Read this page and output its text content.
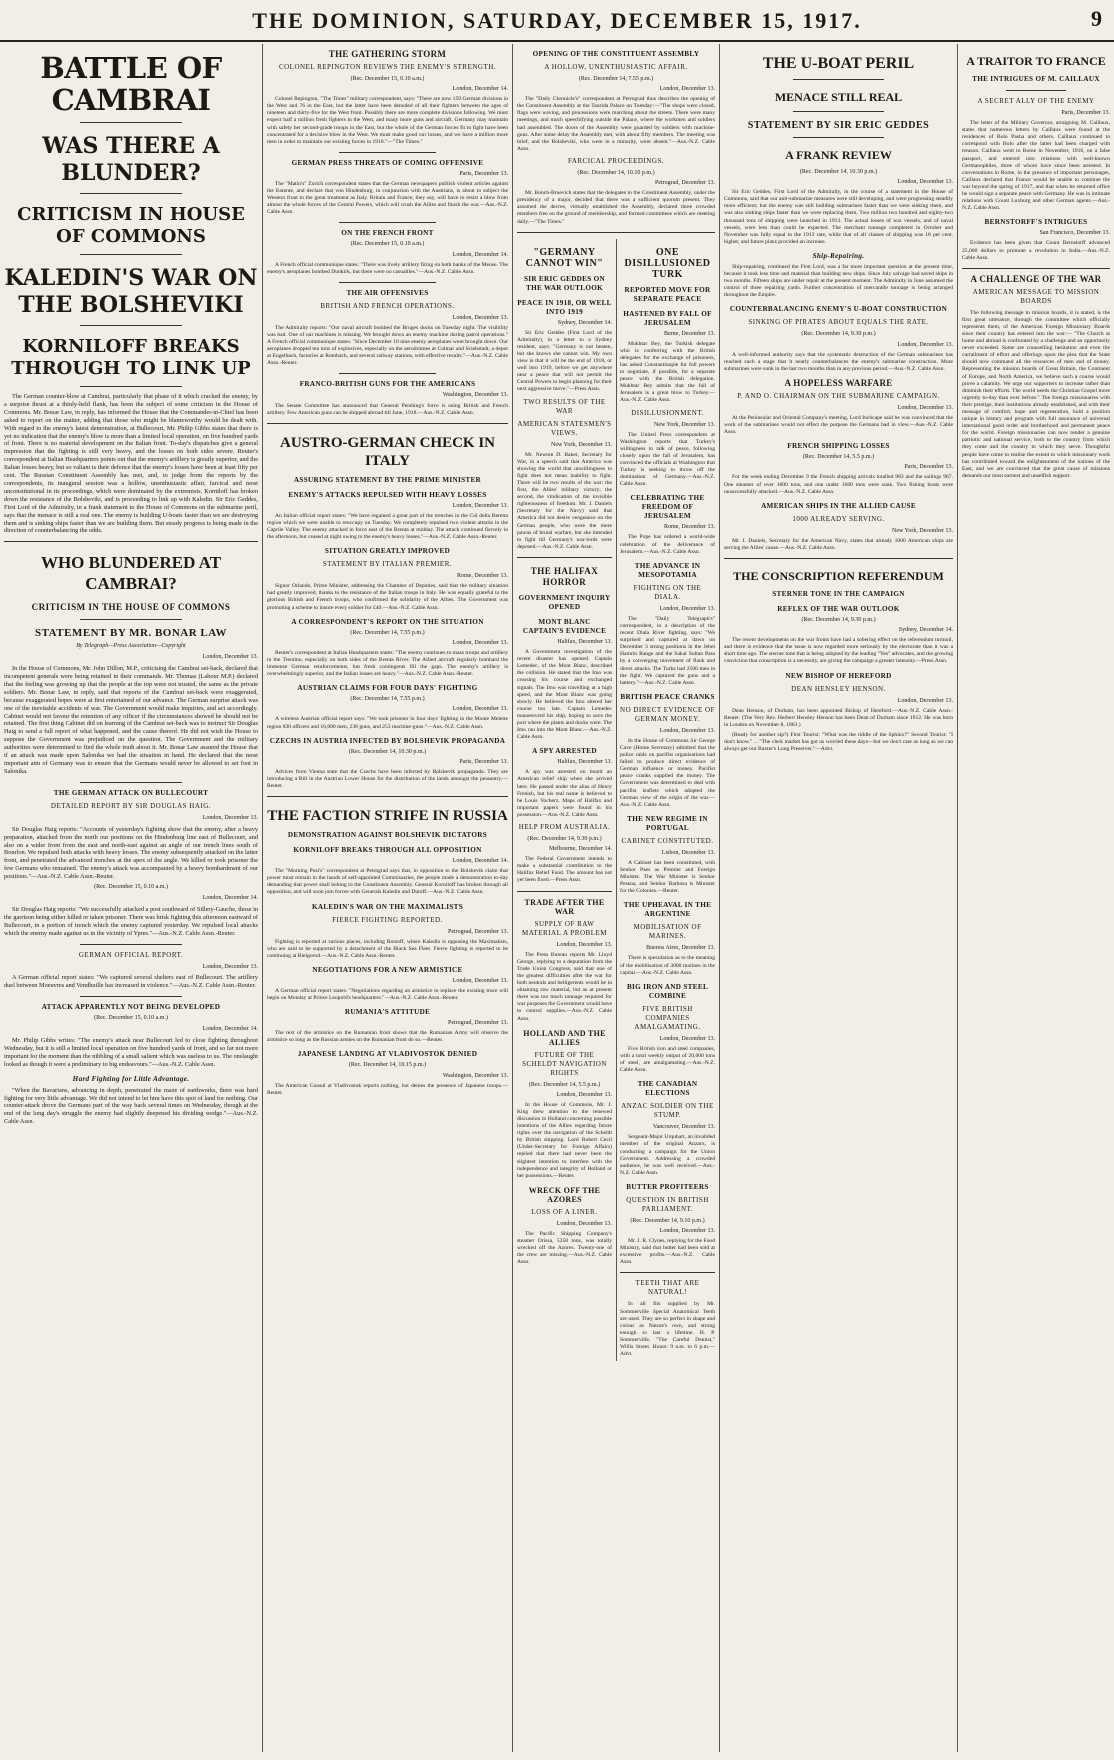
THE DOMINION, SATURDAY, DECEMBER 15, 1917.	9
BATTLE OF CAMBRAI
WAS THERE A BLUNDER?
CRITICISM IN HOUSE OF COMMONS
KALEDIN'S WAR ON THE BOLSHEVIKI
KORNILOFF BREAKS THROUGH TO LINK UP

The German counter-blow at Cambrai, particularly that phase of it which cracked the enemy, by a surprise thrust at a thinly-held flank, has been the subject of some criticism in the House of Commons. Mr. Bonar Law, in reply, has informed the House that the Commander-in-Chief has been asked to report on the matter, adding that those who might be blameworthy would be dealt with. With regard to the enemy's latest demonstration, at Bullecourt, Mr. Philip Gibbs states that there is yet no indication that the enemy's blow is more than a limited local operation, on five hundred yards of front. There is no material development on the Italian front. To-day's dispatches give a general impression that the fighting is still very heavy, and the losses on both sides severe. Reuter's correspondent at Italian Headquarters points out that the enemy's artillery is greatly superior, and the Italian losses heavy, but so valiant is their defence that the enemy's losses have been at least fifty per cent. The Russian Constituent Assembly has met, and, to judge from the reports by the correspondents, its inaugural session was a hollow, unenthusiastic affair, farcical and most unconstitutional in its proceedings, which were dominated by the extremists. Korniloff has broken down the resistance of the Bolsheviki, and is proceeding to link up with Kaledin. Sir Eric Geddes, First Lord of the Admiralty, in a frank statement to the House of Commons on the submarine peril, says that the menace is still a real one. The enemy is building U-boats faster than we are destroying them and is sinking ships faster than we are building them. But steady progress is being made in the direction of counterbalancing the odds.

WHO BLUNDERED AT CAMBRAI?
CRITICISM IN THE HOUSE OF COMMONS
STATEMENT BY MR. BONAR LAW
By Telegraph—Press Association—Copyright
London, December 13.

In the House of Commons, Mr. John Dillon, M.P., criticising the Cambrai set-back, declared that incompetent generals were being retained in their commands. Mr. Thomas (Labour M.P.) declared that the feeling was growing up that the people at the top were not trusted, the same as the private soldiers. Mr. Bonar Law, in reply, said that reports of the Cambrai set-back were exaggerated, because exaggerated hopes were at first entertained of our advance. The German surprise attack was one of the inevitable accidents of war. The Government would make inquiries, and act accordingly. Cabinet would not favour the retention of any officer if the circumstances showed he should not be retained. The first thing Cabinet did on learning of the Cambrai set-back was to instruct Sir Douglas Haig to send a full report of what happened, and the cause thereof. He did not wish the House to suppose the Government was prejudiced on the question. The Government and the military authorities were determined to find the whole truth about it. Mr. Bonar Law assured the House that if an attack was made upon Salonika we had the situation in hand. He declared that the most important aim of Germany was to ensure that the Germans would never be allowed to set foot in Salonika.

THE GERMAN ATTACK ON BULLECOURT
DETAILED REPORT BY SIR DOUGLAS HAIG.
London, December 13.

Sir Douglas Haig reports: "Accounts of yesterday's fighting show that the enemy, after a heavy preparation, attacked from the north our positions on the Hindenburg line east of Bullecourt, and also on a wider front from the east and north-east against an angle of our trench lines south of Bourlon. We repulsed both attacks with heavy losses. The enemy subsequently attacked on the latter front, and penetrated the advanced trenches at the apex of the angle. We killed or took prisoner the few Germans who remained. The enemy's attack was accompanied by a heavy bombardment of our positions."—Aus.-N.Z. Cable Assn.-Reuter.

(Rec. December 15, 0.10 a.m.)
London, December 14.

Sir Douglas Haig reports: "We successfully attacked a post southward of Sillery-Gauche, those in the garrison being either killed or taken prisoner. There was brisk fighting this afternoon eastward of Bullecourt, in a portion of trench which the enemy captured yesterday. We repulsed local attacks which the enemy made against us in the vicinity of Ypres."—Aus.-N.Z. Cable Assn.-Reuter.

GERMAN OFFICIAL REPORT.
London, December 13.

A German official report states: "We captured several shelters east of Bullecourt. The artillery duel between Moeuvres and Vendhuille has increased in violence."—Aus.-N.Z. Cable Assn.-Reuter.

ATTACK APPARENTLY NOT BEING DEVELOPED
(Rec. December 15, 0.10 a.m.)
London, December 14.

Mr. Philip Gibbs writes: "The enemy's attack near Bullecourt led to close fighting throughout Wednesday, but it is still a limited local operation on five hundred yards of front, and so far not more important for the moment than the nibbling of a small salient which was useless to us. The onslaught looked as though it were a preliminary to big endeavours."—Aus.-N.Z. Cable Assn.

Hard Fighting for Little Advantage.

"When the Bavarians, advancing in depth, penetrated the maze of earthworks, there was hard fighting for very little advantage. We did not intend to let him have this spot of land for nothing. Our counter-attack drove the Germans part of the way back several times on Wednesday, though at the end of the long day's struggle the enemy had slightly deepened his dividing wedge."—Aus.-N.Z. Cable Assn.

THE GATHERING STORM
COLONEL REPINGTON REVIEWS THE ENEMY'S STRENGTH.
(Rec. December 15, 0.10 a.m.)
London, December 14.

Colonel Repington, "The Times" military correspondent, says: "There are now 159 German divisions in the West and 76 in the East, but the latter have been denuded of all their fighters between the ages of nineteen and thirty-five for the West front. Possibly there are more complete divisions following. We must expect half a million fresh fighters in the West, and many more guns and aircraft. Germany may maintain with safety her second-grade troops in the East, but the whole of the German forces fit to fight have been concentrated for a decisive blow in the West. We must make good our losses, and we have a million more men in order to maintain our existing forces in 1918."—"The Times."

GERMAN PRESS THREATS OF COMING OFFENSIVE
Paris, December 13.

The "Matin's" Zurich correspondent states that the German newspapers publish violent articles against the Entente, and declare that von Hindenburg, in conjunction with the Austrians, is about to subject the Western front to the great treatment as Italy. Britain and France, they say, will have to resist a blow from almost the whole forces of the Central Powers, which will crush the Allies and finish the war.—Aus.-N.Z. Cable Assn.

ON THE FRENCH FRONT
(Rec. December 15, 0.10 a.m.)
London, December 14.

A French official communique states: "There was lively artillery firing on both banks of the Meuse. The enemy's aeroplanes bombed Dunkirk, but there were no casualties."—Aus.-N.Z. Cable Assn.

THE AIR OFFENSIVES
BRITISH AND FRENCH OPERATIONS.
London, December 13.

The Admiralty reports: "Our naval aircraft bombed the Bruges docks on Tuesday night. The visibility was bad. One of our machines is missing. We brought down an enemy machine during patrol operations." A French official communique states: "Since December 10 nine enemy aeroplanes were brought down. Our aeroplanes dropped ten tons of explosives, especially on the aerodromes at Colmar and Sciebstadt, a depot at Eugelbach, factories at Rombach, and several railway stations, with effective results."—Aus.-N.Z. Cable Assn.-Reuter.

FRANCO-BRITISH GUNS FOR THE AMERICANS
Washington, December 13.

The Senate Committee has announced that General Pershing's force is using British and French artillery. Few American guns can be shipped abroad till June, 1918.—Aus.-N.Z. Cable Assn.

AUSTRO-GERMAN CHECK IN ITALY
ASSURING STATEMENT BY THE PRIME MINISTER
ENEMY'S ATTACKS REPULSED WITH HEAVY LOSSES
London, December 13.

An Italian official report states: "We have regained a great part of the trenches in the Col della Beretta region which we were unable to reoccupy on Tuesday. We completely repulsed two violent attacks in the Caprile Valley. The enemy attacked in force east of the Brenta at midday. The attack continued fiercely in the afternoon, but ceased at night owing to the enemy's heavy losses."—Aus.-N.Z. Cable Assn.-Reuter.

SITUATION GREATLY IMPROVED
STATEMENT BY ITALIAN PREMIER.
Rome, December 13.

Signor Orlando, Prime Minister, addressing the Chamber of Deputies, said that the military situation had greatly improved, thanks to the resistance of the Italian troops in Italy. He was equally grateful to the glorious British and French troops, who confirmed the solidarity of the Allies. The Government was promoting a scheme to insure every soldier for £40.—Aus.-N.Z. Cable Assn.

A CORRESPONDENT'S REPORT ON THE SITUATION
(Rec. December 14, 7.55 p.m.)
London, December 13.

Reuter's correspondent at Italian Headquarters states: "The enemy continues to mass troops and artillery in the Trentino, especially on both sides of the Brenta River. The Allied aircraft regularly bombard the immense German reinforcements, but fresh contingents fill the gaps. The enemy's artillery is overwhelmingly superior, and the Italian losses are heavy."—Aus.-N.Z. Cable Assn.-Reuter.

AUSTRIAN CLAIMS FOR FOUR DAYS' FIGHTING
(Rec. December 14, 7.55 p.m.)
London, December 13.

A wireless Austrian official report says: "We took prisoner in four days' fighting in the Monte Melette region 830 officers and 16,000 men, 238 guns, and 253 machine-guns."—Aus.-N.Z. Cable Assn.

CZECHS IN AUSTRIA INFECTED BY BOLSHEVIK PROPAGANDA
(Rec. December 14, 10.30 p.m.)
Paris, December 13.

Advices from Vienna state that the Czechs have been infected by Bolshevik propaganda. They are introducing a Bill in the Austrian Lower House for the distribution of the lands amongst the peasantry.—Reuter.

THE FACTION STRIFE IN RUSSIA
DEMONSTRATION AGAINST BOLSHEVIK DICTATORS
KORNILOFF BREAKS THROUGH ALL OPPOSITION
London, December 14.

The "Morning Post's" correspondent at Petrograd says that, in opposition to the Bolshevik claim that power must remain in the hands of self-appointed Commissaries, the people made a demonstration to-day demanding that power shall belong to the Constituent Assembly. General Korniloff has broken through all opposition, and will soon join forces with Generals Kaledin and Dutoff.—Aus.-N.Z. Cable Assn.

KALEDIN'S WAR ON THE MAXIMALISTS
FIERCE FIGHTING REPORTED.
Petrograd, December 13.

Fighting is reported at various places, including Rostoff, where Kaledin is opposing the Maximalists, who are said to be supported by a detachment of the Black Sea Fleet. Fierce fighting is reported to be continuing at Bielgorod.—Aus.-N.Z. Cable Assn.-Reuter.

NEGOTIATIONS FOR A NEW ARMISTICE
London, December 13.

A German official report states: "Negotiations regarding an armistice to replace the existing truce will begin on Monday at Prince Leopold's headquarters."—Aus.-N.Z. Cable Assn.-Reuter.

RUMANIA'S ATTITUDE
Petrograd, December 13.

The text of the armistice on the Rumanian front shows that the Rumanian Army will observe the armistice so long as the Russian armies on the Rumanian front do so.—Reuter.

JAPANESE LANDING AT VLADIVOSTOK DENIED
(Rec. December 14, 10.15 p.m.)
Washington, December 13.

The American Consul at Vladivostok reports nothing, but denies the presence of Japanese troops.—Reuter.

OPENING OF THE CONSTITUENT ASSEMBLY
A HOLLOW, UNENTHUSIASTIC AFFAIR.
(Rec. December 14, 7.55 p.m.)
London, December 13.

The "Daily Chronicle's" correspondent at Petrograd thus describes the opening of the Constituent Assembly at the Taurida Palace on Tuesday:—"The shops were closed, flags were waving, and processions were marching about the streets. There were many meetings, and much speechifying outside the Palace, where the workmen and soldiers had assembled. The doors of the Assembly were guarded by soldiers with machine-guns. After some delay the Assembly met, with about fifty members. The meeting was brief, and the Bolsheviki, who were in a minority, were absent."—Aus.-N.Z. Cable Assn.

FARCICAL PROCEEDINGS.
(Rec. December 14, 10.10 p.m.)
Petrograd, December 13.

Mr. Bonch-Bruevich states that the delegates to the Constituent Assembly, under the presidency of a major, decided that there was a sufficient quorum present. They assumed the decree, virtually established the Assembly, declared three crowded members free on the ground of membership, and formed committees which are meeting daily.—"The Times."

"GERMANY CANNOT WIN"
SIR ERIC GEDDES ON THE WAR OUTLOOK
PEACE IN 1918, OR WELL INTO 1919
Sydney, December 14.

Sir Eric Geddes (First Lord of the Admiralty), in a letter to a Sydney resident, says: "Germany is not beaten, but she knows she cannot win. My own view is that it will be the end of 1918, or well into 1919, before we get anywhere near a peace that will not permit the Central Powers to begin planning for their next aggressive move."—Press Assn.

TWO RESULTS OF THE WAR
AMERICAN STATESMEN'S VIEWS.
New York, December 13.

Mr. Newton D. Baker, Secretary for War, in a speech said that America was showing the world that unwillingness to fight does not mean inability to fight. There will be two results of the war: the first, the Allies' military victory; the second, the vindication of the invisible righteousness of freedom. Mr. J. Daniels (Secretary for the Navy) said that America did not desire vengeance on the German people, who were the mere pawns of brutal warfare, but she intended to fight till Germany's war-lords were deposed.—Aus.-N.Z. Cable Assn.

THE HALIFAX HORROR
GOVERNMENT INQUIRY OPENED
MONT BLANC CAPTAIN'S EVIDENCE
Halifax, December 13.

A Government investigation of the recent disaster has opened. Captain Lemedec, of the Mont Blanc, described the collision. He stated that the Imo was crossing his course and exchanged signals. The Imo was travelling at a high speed, and the Mont Blanc was going slowly. He believed the Imo altered her course too late. Captain Lemedec manoeuvred his ship, hoping to save the port where the plants and docks were. The Imo ran into the Mont Blanc.—Aus.-N.Z. Cable Assn.

A SPY ARRESTED
Halifax, December 13.

A spy was arrested on board an American relief ship when she arrived here. He passed under the alias of Henry Frenish, but his real name is believed to be Louis Vocherz. Maps of Halifax and important papers were found in his possession.—Aus.-N.Z. Cable Assn.

HELP FROM AUSTRALIA.
(Rec. December 14, 9.30 p.m.)
Melbourne, December 14.

The Federal Government intends to make a substantial contribution to the Halifax Relief Fund. The amount has not yet been fixed.—Press Assn.

TRADE AFTER THE WAR
SUPPLY OF RAW MATERIAL A PROBLEM
London, December 13.

The Press Bureau reports Mr. Lloyd George, replying to a deputation from the Trade Union Congress, said that one of the greatest difficulties after the war for both neutrals and belligerents would be in obtaining raw material, but as at present there was too much tonnage required for war purposes the Government would have to control supplies.—Aus.-N.Z. Cable Assn.

HOLLAND AND THE ALLIES
FUTURE OF THE SCHELDT NAVIGATION RIGHTS
(Rec. December 14, 5.5 p.m.)
London, December 13.

In the House of Commons, Mr. J. King drew attention to the renewed discussion in Holland concerning possible intentions of the Allies regarding future rights over the navigation of the Scheldt by British shipping. Lord Robert Cecil (Under-Secretary for Foreign Affairs) replied that there had never been the slightest intention to interfere with the independence and integrity of Holland or her possessions.—Reuter.

WRECK OFF THE AZORES
LOSS OF A LINER.
London, December 13.

The Pacific Shipping Company's steamer Orissa, 5358 tons, was totally wrecked off the Azores. Twenty-one of the crew are missing.—Aus.-N.Z. Cable Assn.

ONE DISILLUSIONED TURK
REPORTED MOVE FOR SEPARATE PEACE
HASTENED BY FALL OF JERUSALEM
Berne, December 13.

Mukhtar Bey, the Turkish delegate who is conferring with the British delegates for the exchange of prisoners, has asked Constantinople for full powers to negotiate, if possible, for a separate peace with the British delegation. Mukhtar Bey admits that the fall of Jerusalem is a great blow to Turkey.—Aus.-N.Z. Cable Assn.

DISILLUSIONMENT.
New York, December 13.

The United Press correspondent at Washington reports that Turkey's willingness to talk of peace, following closely upon the fall of Jerusalem, has convinced the officials at Washington that Turkey is seeking to throw off the domination of Germany.—Aus.-N.Z. Cable Assn.

CELEBRATING THE FREEDOM OF JERUSALEM
Rome, December 13.

The Pope has ordered a world-wide celebration of the deliverance of Jerusalem.—Aus.-N.Z. Cable Assn.

THE ADVANCE IN MESOPOTAMIA
FIGHTING ON THE DIALA.
London, December 13.

The "Daily Telegraph's" correspondent, in a description of the recent Diala River fighting, says: "We surprised and captured at dawn on December 3 strong positions in the Jebel Hamrin Range and the Sakal Sultan Pass by a converging movement of flank and direct attacks. The Turks had 2500 men in the fight. We captured the guns and a battery."—Aus.-N.Z. Cable Assn.

BRITISH PEACE CRANKS
NO DIRECT EVIDENCE OF GERMAN MONEY.
London, December 13.

In the House of Commons Sir George Cave (Home Secretary) admitted that the police raids on pacifist organisations had failed to produce direct evidence of German influence or money. Pacifist peace cranks supplied the money. The Government was determined to deal with pacifist leaflets which adopted the German view of the origin of the war.—Aus.-N.Z. Cable Assn.

THE NEW REGIME IN PORTUGAL
CABINET CONSTITUTED.
Lisbon, December 13.

A Cabinet has been constituted, with Senhor Paes as Premier and Foreign Minister. The War Minister is Senhor Pessoa, and Senhor Barbosa is Minister for the Colonies.—Reuter.

THE UPHEAVAL IN THE ARGENTINE
MOBILISATION OF MARINES.
Buenos Aires, December 13.

There is speculation as to the meaning of the mobilisation of 3000 marines in the capital.—Aus.-N.Z. Cable Assn.

BIG IRON AND STEEL COMBINE
FIVE BRITISH COMPANIES AMALGAMATING.
London, December 13.

Five British iron and steel companies, with a total weekly output of 20,000 tons of steel, are amalgamating.—Aus.-N.Z. Cable Assn.

THE CANADIAN ELECTIONS
ANZAC SOLDIER ON THE STUMP.
Vancouver, December 13.

Sergeant-Major Urquhart, an invalided member of the original Anzacs, is conducting a campaign for the Union Government. Addressing a crowded audience, he was well received.—Aus.-N.Z. Cable Assn.

BUTTER PROFITEERS
QUESTION IN BRITISH PARLIAMENT.
(Rec. December 14, 9.10 p.m.)
London, December 13.

Mr. J. R. Clynes, replying for the Food Ministry, said that butter had been sold at excessive profits.—Aus.-N.Z. Cable Assn.

TEETH THAT ARE NATURAL!

In all fits supplied by Mr. Sommerville Special Anatomical Teeth are used. They are so perfect in shape and colour as Nature's own, and strong enough to last a lifetime. H. P. Sommerville, "The Careful Dentist," Willis Street. Hours: 9 a.m. to 6 p.m.—Advt.

THE U-BOAT PERIL
MENACE STILL REAL
STATEMENT BY SIR ERIC GEDDES
A FRANK REVIEW
(Rec. December 14, 10.30 p.m.)
London, December 13.

Sir Eric Geddes, First Lord of the Admiralty, in the course of a statement in the House of Commons, said that our anti-submarine measures were still developing, and were progressing steadily more efficient; but the enemy was still building submarines faster than we were sinking them, and was also sinking ships faster than we were replacing them. Two million two hundred and eighty-two thousand tons of shipping were launched in 1913. The actual losses of war vessels, and of naval vessels, were less than could be expected. The merchant tonnage completed in October and November was fully equal to the 1913 rate, while that of all classes of shipping was 18 per cent. higher, and future plans provided an increase.

Ship-Repairing.

Ship-repairing, continued the First Lord, was a far more important question at the present time, because it took less time and material than building new ships. Since July salvage had saved ships in two months. Fifteen ships are under repair at the present moment. The Admiralty in June assumed the control of three repairing yards. Further concentration of mercantile tonnage is being arranged throughout the Empire.

COUNTERBALANCING ENEMY'S U-BOAT CONSTRUCTION
SINKING OF PIRATES ABOUT EQUALS THE RATE.
(Rec. December 14, 9.30 p.m.)
London, December 13.

A well-informed authority says that the systematic destruction of the German submarines has reached such a stage that it nearly counterbalances the enemy's submarine construction. More submarines were sunk in the last two months than in any previous period.—Aus.-N.Z. Cable Assn.

A HOPELESS WARFARE
P. AND O. CHAIRMAN ON THE SUBMARINE CAMPAIGN.
London, December 13.

At the Peninsular and Oriental Company's meeting, Lord Inchcape said he was convinced that the work of the submarines would not effect the purpose the Germans had in view.—Aus.-N.Z. Cable Assn.

FRENCH SHIPPING LOSSES
(Rec. December 14, 5.5 p.m.)
Paris, December 13.

For the week ending December 9 the French shipping arrivals totalled 983 and the sailings 967. One steamer of over 1600 tons, and one under 1600 tons were sunk. Two fishing boats were unsuccessfully attacked.—Aus.-N.Z. Cable Assn.

AMERICAN SHIPS IN THE ALLIED CAUSE
1000 ALREADY SERVING.
New York, December 13.

Mr. J. Daniels, Secretary for the American Navy, states that already 1000 American ships are serving the Allies' cause.—Aus.-N.Z. Cable Assn.

THE CONSCRIPTION REFERENDUM
STERNER TONE IN THE CAMPAIGN
REFLEX OF THE WAR OUTLOOK
(Rec. December 14, 9.30 p.m.)
Sydney, December 14.

The recent developments on the war fronts have had a sobering effect on the referendum turmoil, and there is evidence that the issue is now regarded more seriously by the electorate than it was a short time ago. The sterner tone that is being adopted by the leading "Yes" advocates, and the growing conviction that conscription is a necessity, are giving the campaign a greater intensity.—Press Assn.

NEW BISHOP OF HEREFORD
DEAN HENSLEY HENSON.
London, December 13.

Dean Henson, of Durham, has been appointed Bishop of Hereford.—Aus.-N.Z. Cable Assn.-Reuter. (The Very Rev. Herbert Hensley Henson has been Dean of Durham since 1912. He was born in London on November 8, 1863.)

(Ready for another sip?) First Tourist: "What was the riddle of the Sphinx?" Second Tourist: "I don't know." ... "The clerk market has got us worried these days—but we don't care as long as we can always get our Baxter's Lung Preserver."—Advt.

A TRAITOR TO FRANCE
THE INTRIGUES OF M. CAILLAUX
A SECRET ALLY OF THE ENEMY
Paris, December 13.

The letter of the Military Governor, arraigning M. Caillaux, states that numerous letters by Caillaux were found at the residences of Bolo Pasha and others. Caillaux continued to correspond with Bolo after the latter had been charged with treason. Caillaux went to Rome in November, 1916, on a false passport, and entered into relations with well-known Germanophiles, three of whom have since been arrested. In conversations in Rome, in the presence of important personages, Caillaux declared that France would be unable to continue the war beyond the spring of 1917, and that when he returned office he would sign a separate peace with Germany. He was in intimate relations with Count Luxburg and other German agents.—Aus.-N.Z. Cable Assn.

BERNSTORFF'S INTRIGUES
San Francisco, December 13.

Evidence has been given that Count Bernstorff advanced 25,000 dollars to promote a revolution in India.—Aus.-N.Z. Cable Assn.

A CHALLENGE OF THE WAR
AMERICAN MESSAGE TO MISSION BOARDS

The following message to mission boards, it is stated, is the first great utterance, through the committee which officially represents them, of the American Foreign Missionary Boards since their country has entered into the war:— "The Church at home and abroad is confronted by a challenge and an opportunity never exceeded. Some are counselling hesitation and even the curtailment of effort and offerings upon the plea that the State should now command all the resources of men and of money. Representing the mission boards of Great Britain, the Continent of Europe, and North America, we believe such a course would prove a calamity. We urge our supporters to increase rather than diminish their efforts. The world needs the Christian Gospel more urgently to-day than ever before." The foreign missionaries with their prestige, their institutions already established, and with their message of comfort, hope and regeneration, hold a position unique in history and program with full assurance of universal international good order and brotherhood and permanent peace for the world. Foreign missionaries can now render a genuine patriotic and national service, both to the country from which they come and the country to which they serve. Thoughtful people have come to realise the extent to which missionary work has contributed toward the enlightenment of the nations of the East, and we are convinced that the great cause of missions demands our most earnest and unselfish support.
